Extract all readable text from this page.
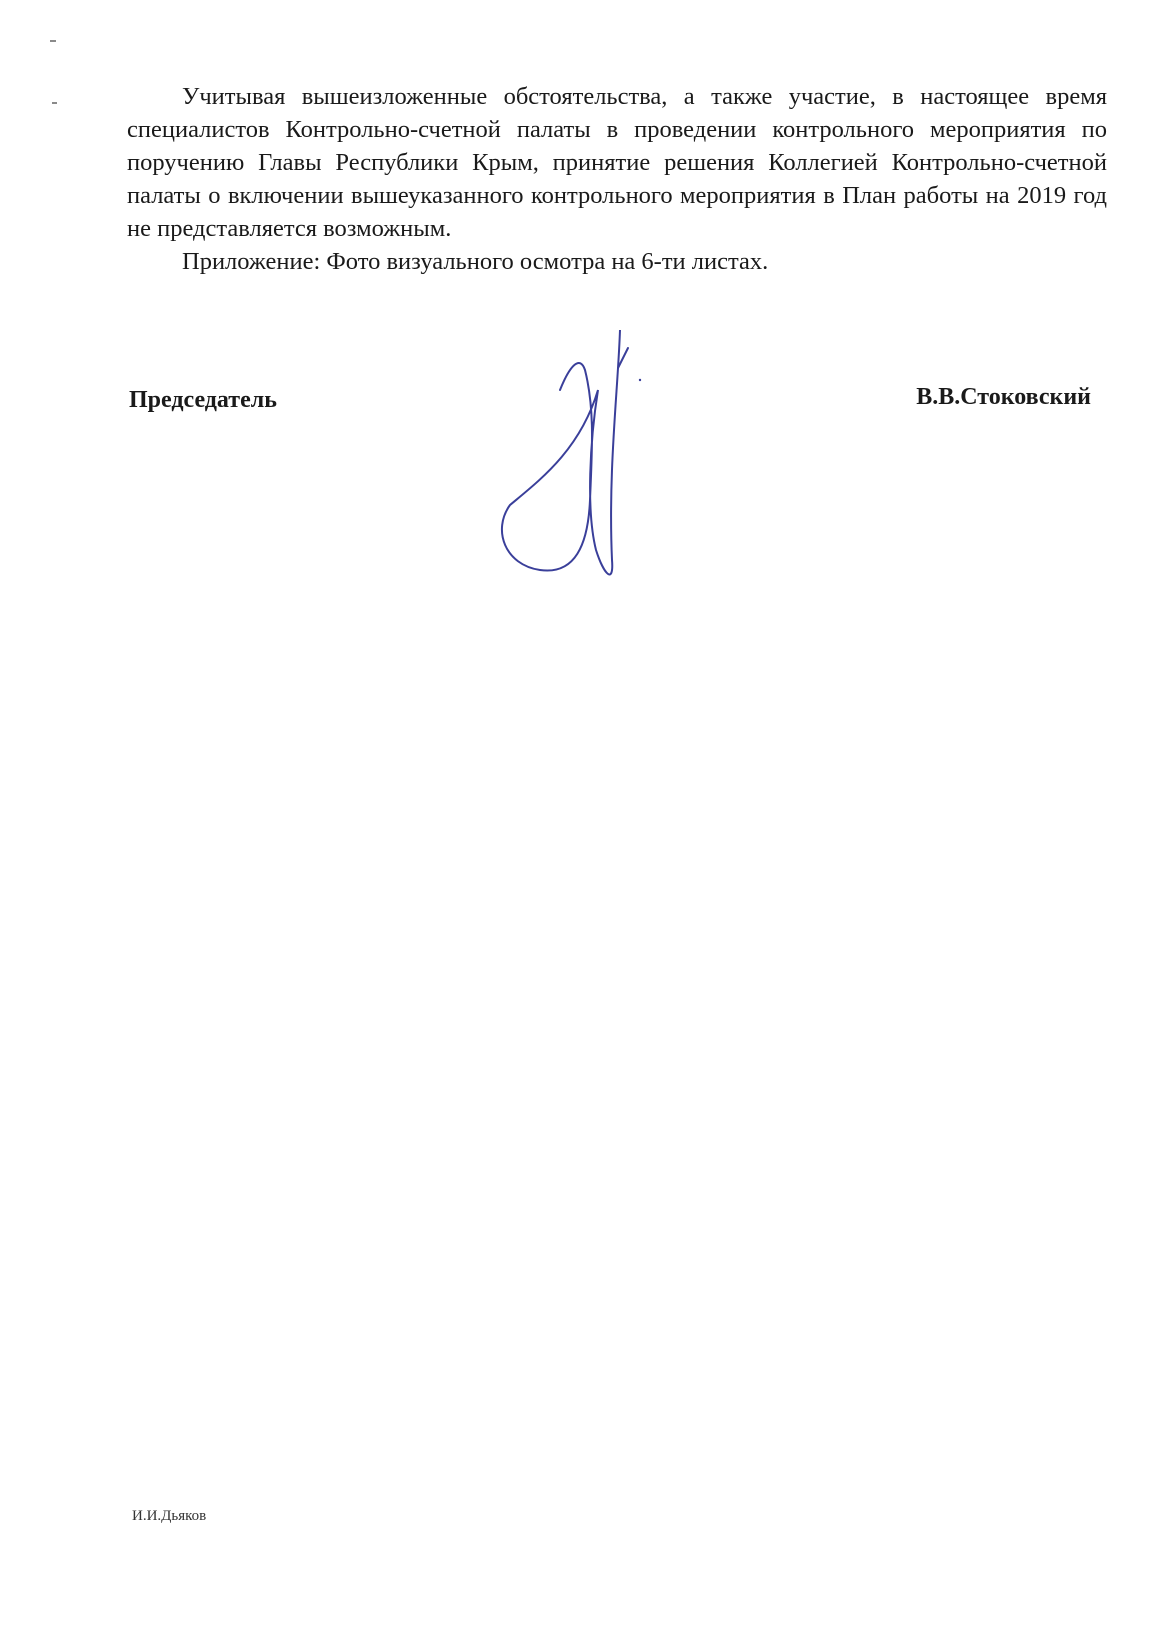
Учитывая вышеизложенные обстоятельства, а также участие, в настоящее время специалистов Контрольно-счетной палаты в проведении контрольного мероприятия по поручению Главы Республики Крым, принятие решения Коллегией Контрольно-счетной палаты о включении вышеуказанного контрольного мероприятия в План работы на 2019 год не представляется возможным.

Приложение: Фото визуального осмотра на 6-ти листах.

Председатель	В.В.Стоковский
И.И.Дьяков
